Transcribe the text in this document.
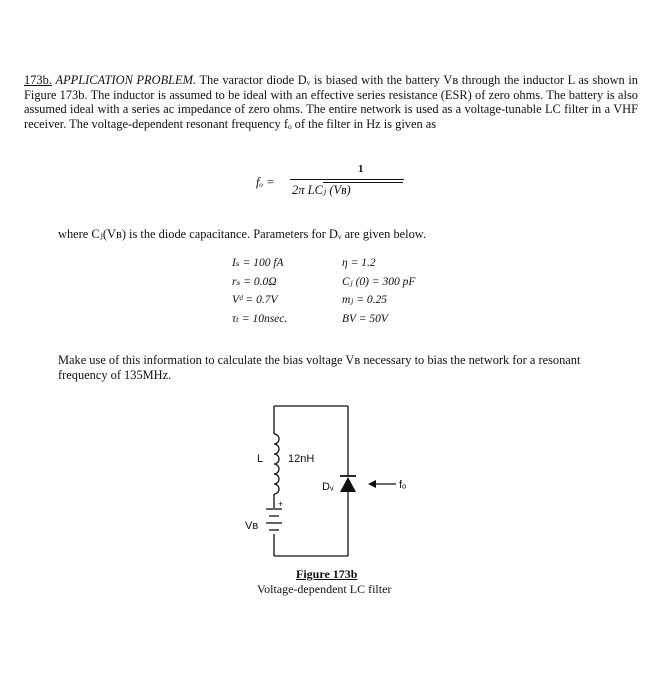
173b. APPLICATION PROBLEM. The varactor diode Dᵥ is biased with the battery Vʙ through the inductor L as shown in Figure 173b. The inductor is assumed to be ideal with an effective series resistance (ESR) of zero ohms. The battery is also assumed ideal with a series ac impedance of zero ohms. The entire network is used as a voltage-tunable LC filter in a VHF receiver. The voltage-dependent resonant frequency fₒ of the filter in Hz is given as
fₒ =
1
2π LCⱼ (Vʙ)
where Cⱼ(Vʙ) is the diode capacitance. Parameters for Dᵥ are given below.
Iₛ = 100 fA
rₛ = 0.0Ω
Vᵈ = 0.7V
τₜ = 10nsec.
η = 1.2
Cⱼ (0) = 300 pF
mⱼ = 0.25
BV = 50V
Make use of this information to calculate the bias voltage Vʙ necessary to bias the network for a resonant frequency of 135MHz.
L 12nH
Dᵥ	fₒ
Vʙ
+
Figure 173b
Voltage-dependent LC filter
